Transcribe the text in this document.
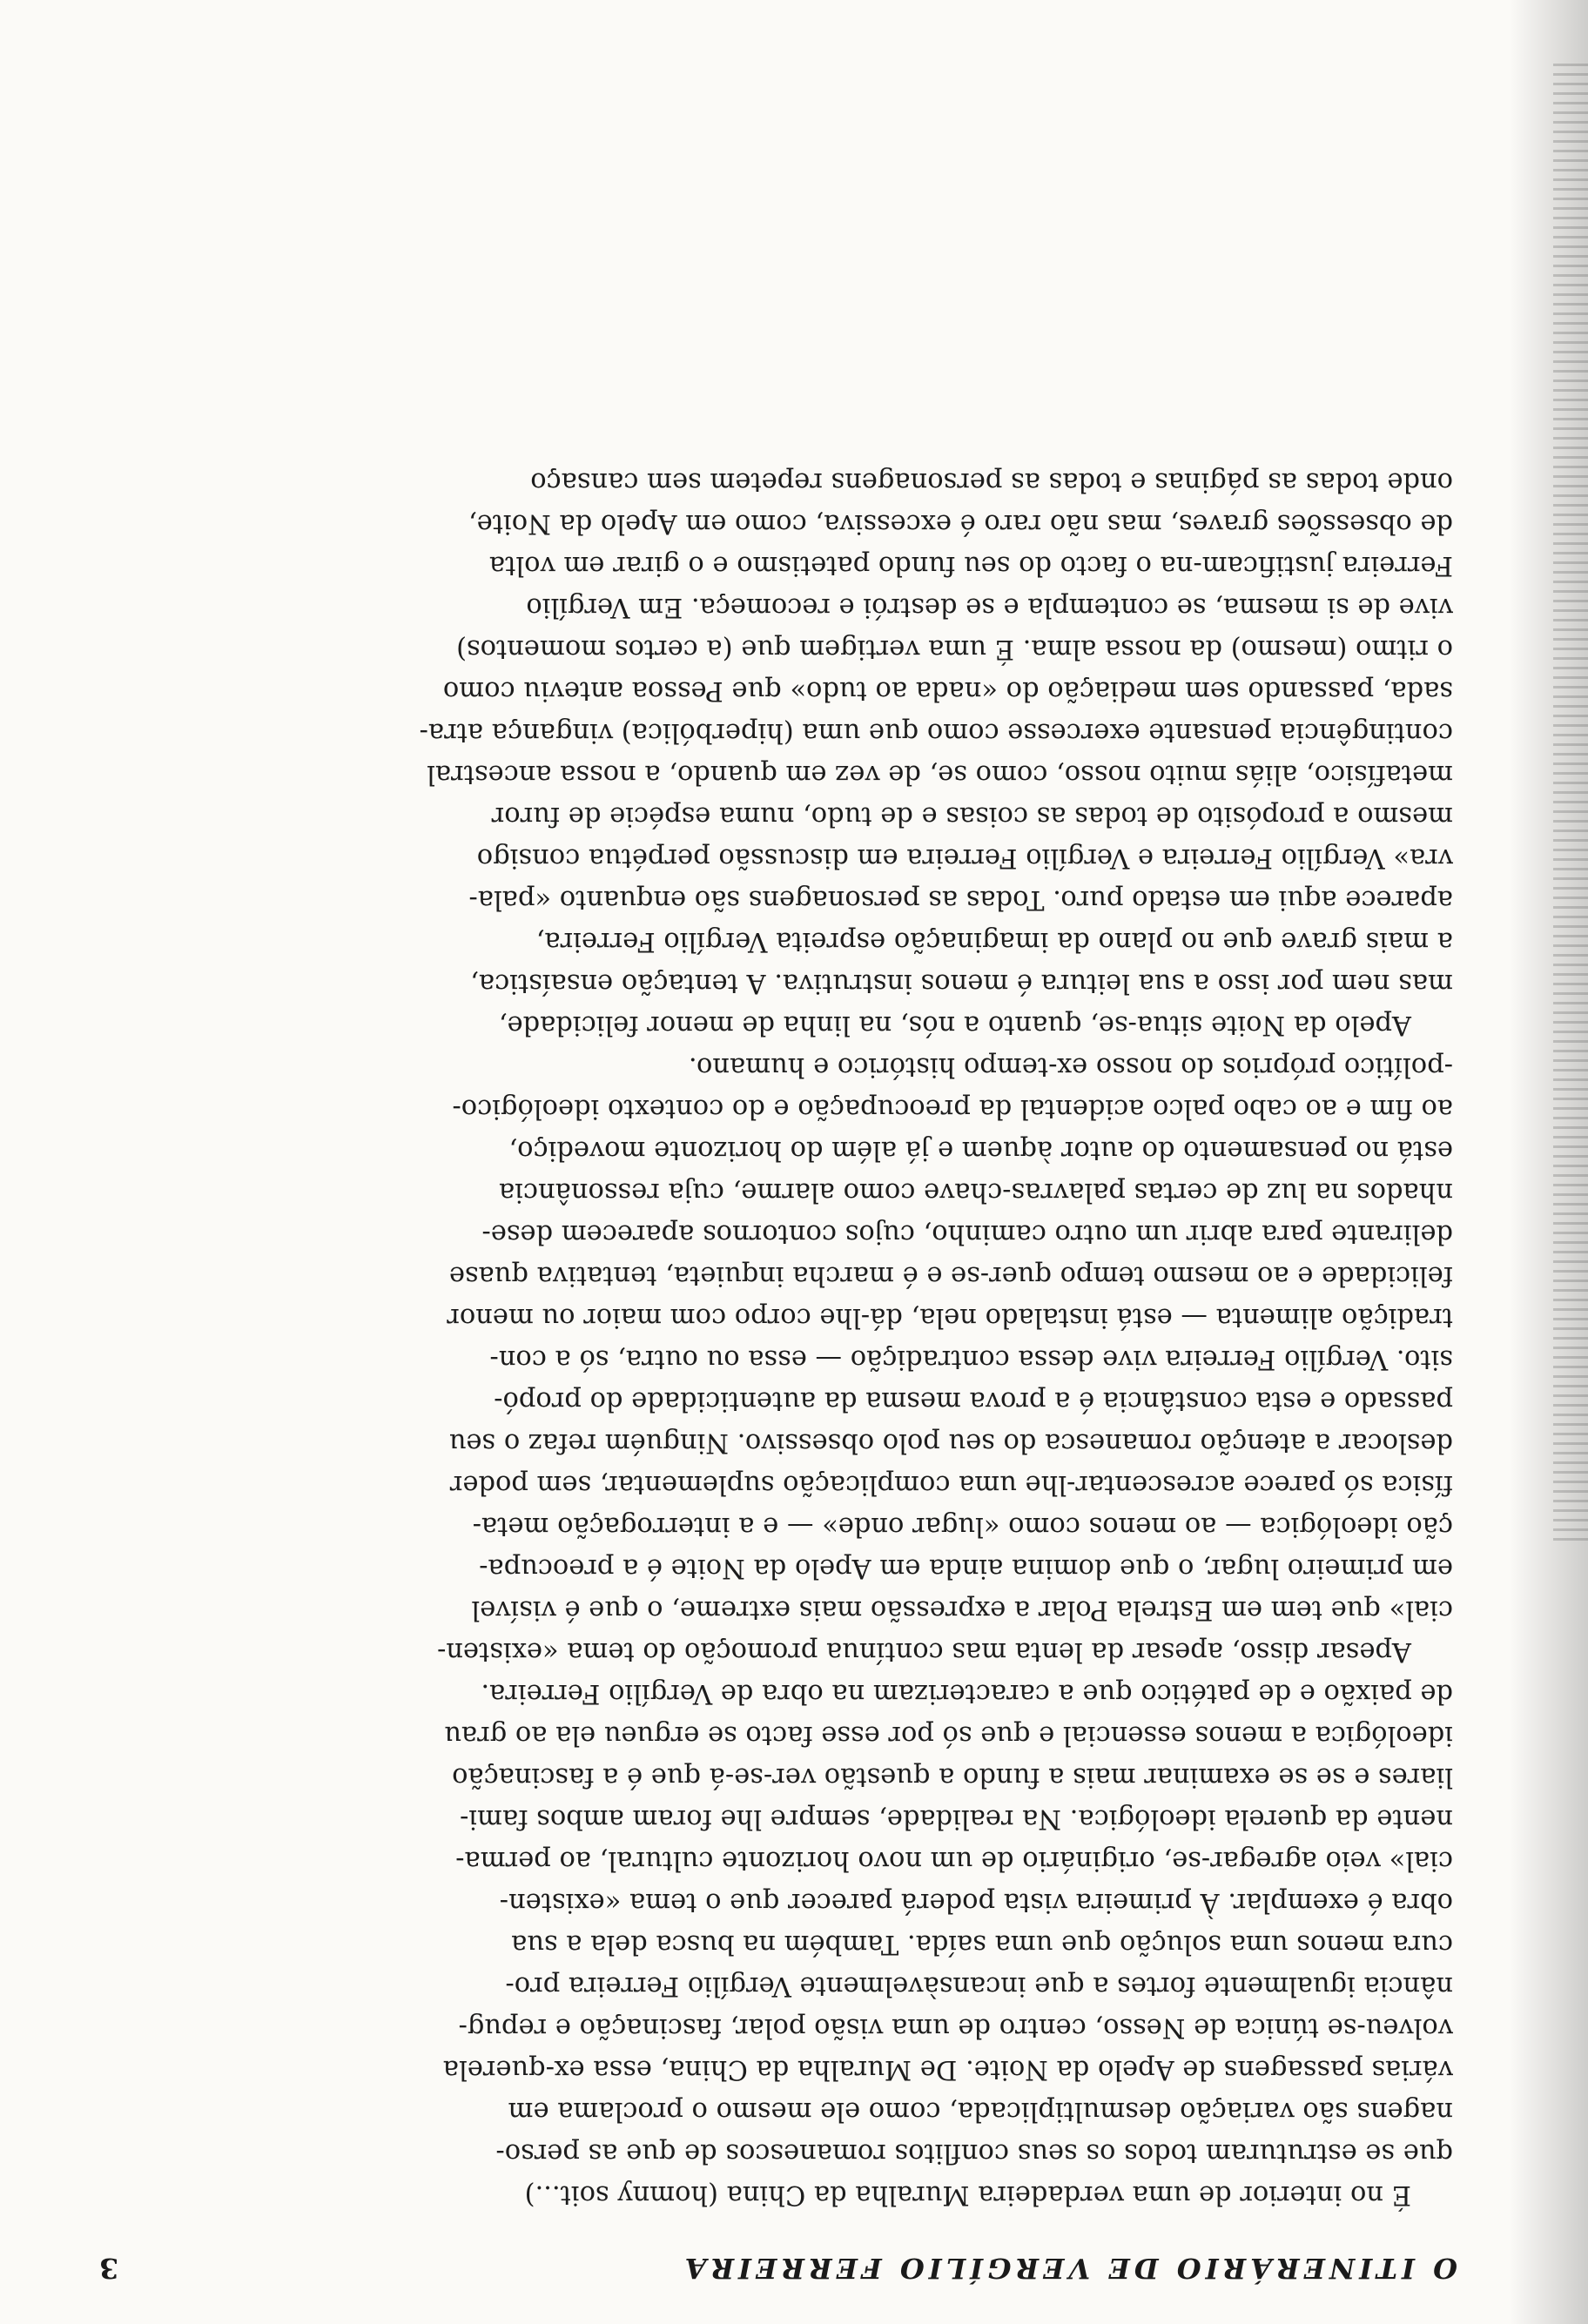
O ITINERÁRIO DE VERGÍLIO FERREIRA
3
É no interior de uma verdadeira Muralha da China (homny soit...)
que se estruturam todos os seus conflitos romanescos de que as perso-
nagens são variação desmultiplicada, como ele mesmo o proclama em
várias passagens de Apelo da Noite. De Muralha da China, essa ex-querela
volveu-se túnica de Nesso, centro de uma visão polar, fascinação e repug-
nância igualmente fortes a que incansàvelmente Vergílio Ferreira pro-
cura menos uma solução que uma saída. Também na busca dela a sua
obra é exemplar. À primeira vista poderá parecer que o tema «existen-
cial» veio agregar-se, originário de um novo horizonte cultural, ao perma-
nente da querela ideológica. Na realidade, sempre lhe foram ambos fami-
liares e se se examinar mais a fundo a questão ver-se-á que é a fascinação
ideológica a menos essencial e que só por esse facto se ergueu ela ao grau
de paixão e de patético que a caracterizam na obra de Vergílio Ferreira.
Apesar disso, apesar da lenta mas contínua promoção do tema «existen-
cial» que tem em Estrela Polar a expressão mais extreme, o que é visível
em primeiro lugar, o que domina ainda em Apelo da Noite é a preocupa-
ção ideológica — ao menos como «lugar onde» — e a interrogação meta-
física só parece acrescentar-lhe uma complicação suplementar, sem poder
deslocar a atenção romanesca do seu polo obsessivo. Ninguém refaz o seu
passado e esta constância é a prova mesma da autenticidade do propó-
sito. Vergílio Ferreira vive dessa contradição — essa ou outra, só a con-
tradição alimenta — está instalado nela, dá-lhe corpo com maior ou menor
felicidade e ao mesmo tempo quer-se e é marcha inquieta, tentativa quase
delirante para abrir um outro caminho, cujos contornos aparecem dese-
nhados na luz de certas palavras-chave como alarme, cuja ressonância
está no pensamento do autor àquem e já além do horizonte movediço,
ao fim e ao cabo palco acidental da preocupação e do contexto ideológico-
-político próprios do nosso ex-tempo histórico e humano.
Apelo da Noite situa-se, quanto a nós, na linha de menor felicidade,
mas nem por isso a sua leitura é menos instrutiva. A tentação ensaística,
a mais grave que no plano da imaginação espreita Vergílio Ferreira,
aparece aqui em estado puro. Todas as personagens são enquanto «pala-
vra» Vergílio Ferreira e Vergílio Ferreira em discussão perpétua consigo
mesmo a propósito de todas as coisas e de tudo, numa espécie de furor
metafísico, aliás muito nosso, como se, de vez em quando, a nossa ancestral
contingência pensante exercesse como que uma (hiperbólica) vingança atra-
sada, passando sem mediação do «nada ao tudo» que Pessoa anteviu como
o ritmo (mesmo) da nossa alma. É uma vertigem que (a certos momentos)
vive de si mesma, se contempla e se destrói e recomeça. Em Vergílio
Ferreira justificam-na o facto do seu fundo patetismo e o girar em volta
de obsessões graves, mas não raro é excessiva, como em Apelo da Noite,
onde todas as páginas e todas as personagens repetem sem cansaço
